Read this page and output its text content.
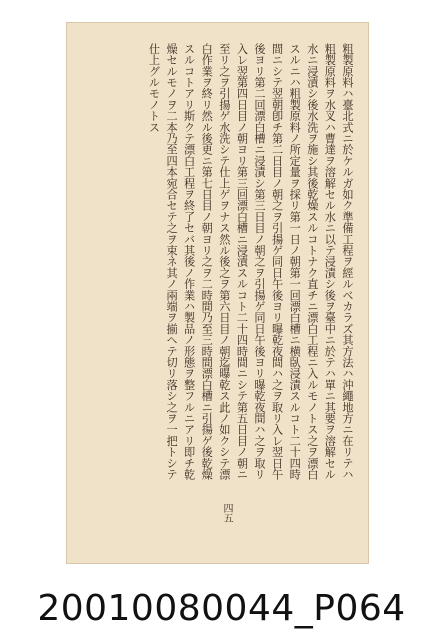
粗製原料ハ臺北式ニ於ケルガ如ク準備工程ヲ經ルベカラズ其方法ハ沖繩地方ニ在リテハ粗製原料ヲ水叉ハ曹達ヲ溶解セル水ニ以テ浸漬シ後ヲ臺中ニ於テハ單ニ其要ヲ溶解セル水ニ浸漬シ後水洗ヲ施シ其後乾燥スルコトナク直チニ漂白工程ニ入ルモノトス之ヲ漂白スルニハ粗製原料ノ所定量ヲ採リ第一日ノ朝第一回漂白槽ニ横臥浸漬スルコト二十四時間ニシテ翌朝卽チ第二日目ノ朝之ヲ引揚ゲ同日午後ヨリ曝乾夜間ハ之ヲ取リ入レ翌日午後ヨリ第二回漂白槽ニ浸漬シ第三日目ノ朝之ヲ引揚ゲ同日午後ヨリ曝乾夜間ハ之ヲ取リ入レ翌第四日目ノ朝ヨリ第三回漂白槽ニ浸漬スルコト二十四時間ニシテ第五日目ノ朝ニ至リ之ヲ引揚ゲ水洗シテ仕上ゲヲナス然ル後之ヲ第六日目ノ朝迄曝乾ス此ノ如クシテ漂白作業ヲ終リ然ル後更ニ第七日目ノ朝ヨリ之ヲ二時間乃至三時間漂白槽ニ引揚ゲ後乾燥スルコトアリ斯クテ漂白工程ヲ終了セバ其後ノ作業ハ製品ノ形態ヲ整フルニアリ即チ乾燥セルモノヲ二本乃至四本宛合セテ之ヲ束ネ其ノ兩端ヲ揃ヘテ切リ落シ之ヲ一把トシテ仕上グルモノトス
四五
20010080044_P064
